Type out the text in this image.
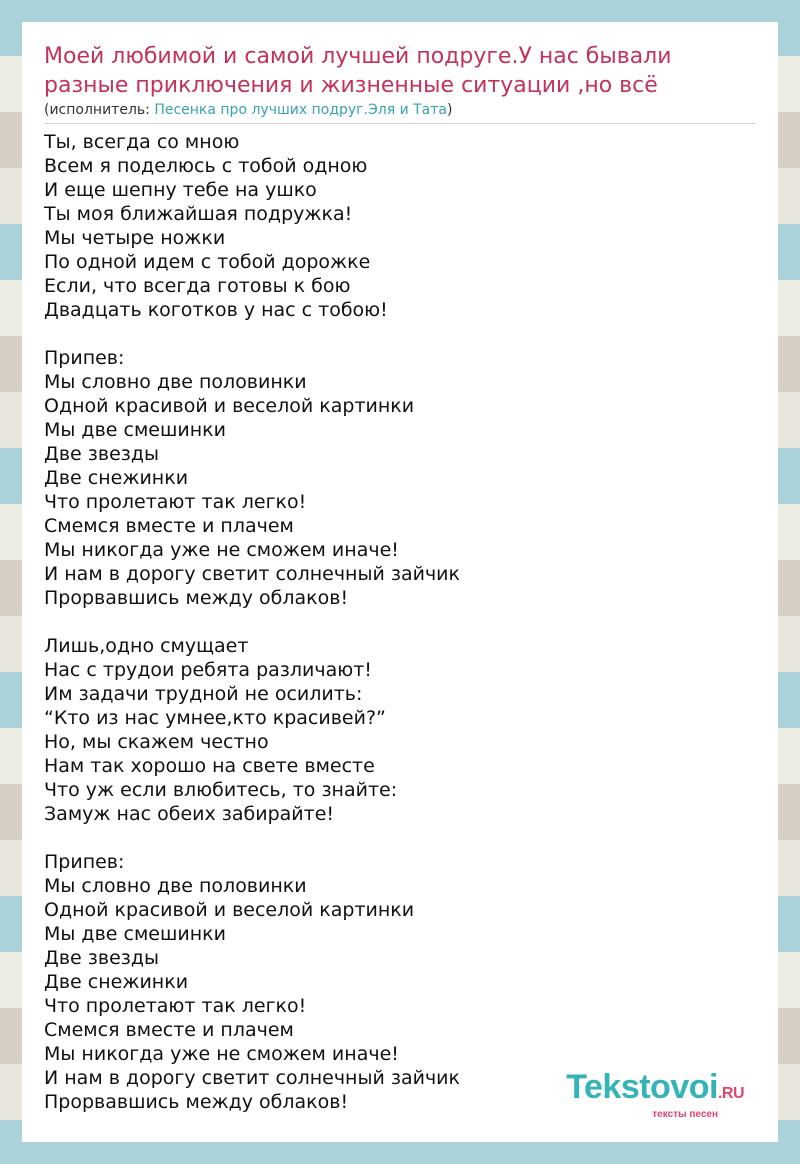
Моей любимой и самой лучшей подруге.У нас бывали
разные приключения и жизненные ситуации ,но всё
(исполнитель: Песенка про лучших подруг.Эля и Тата)
Ты, всегда со мною
Всем я поделюсь с тобой одною
И еще шепну тебе на ушко
Ты моя ближайшая подружка!
Мы четыре ножки
По одной идем с тобой дорожке
Если, что всегда готовы к бою
Двадцать коготков у нас с тобою!

Припев:
Мы словно две половинки
Одной красивой и веселой картинки
Мы две смешинки
Две звезды
Две снежинки
Что пролетают так легко!
Смемся вместе и плачем
Мы никогда уже не сможем иначе!
И нам в дорогу светит солнечный зайчик
Прорвавшись между облаков!

Лишь,одно смущает
Нас с трудои ребята различают!
Им задачи трудной не осилить:
“Кто из нас умнее,кто красивей?”
Но, мы скажем честно
Нам так хорошо на свете вместе
Что уж если влюбитесь, то знайте:
Замуж нас обеих забирайте!

Припев:
Мы словно две половинки
Одной красивой и веселой картинки
Мы две смешинки
Две звезды
Две снежинки
Что пролетают так легко!
Смемся вместе и плачем
Мы никогда уже не сможем иначе!
И нам в дорогу светит солнечный зайчик
Прорвавшись между облаков!	Tekstovoi.RU
тексты песен
